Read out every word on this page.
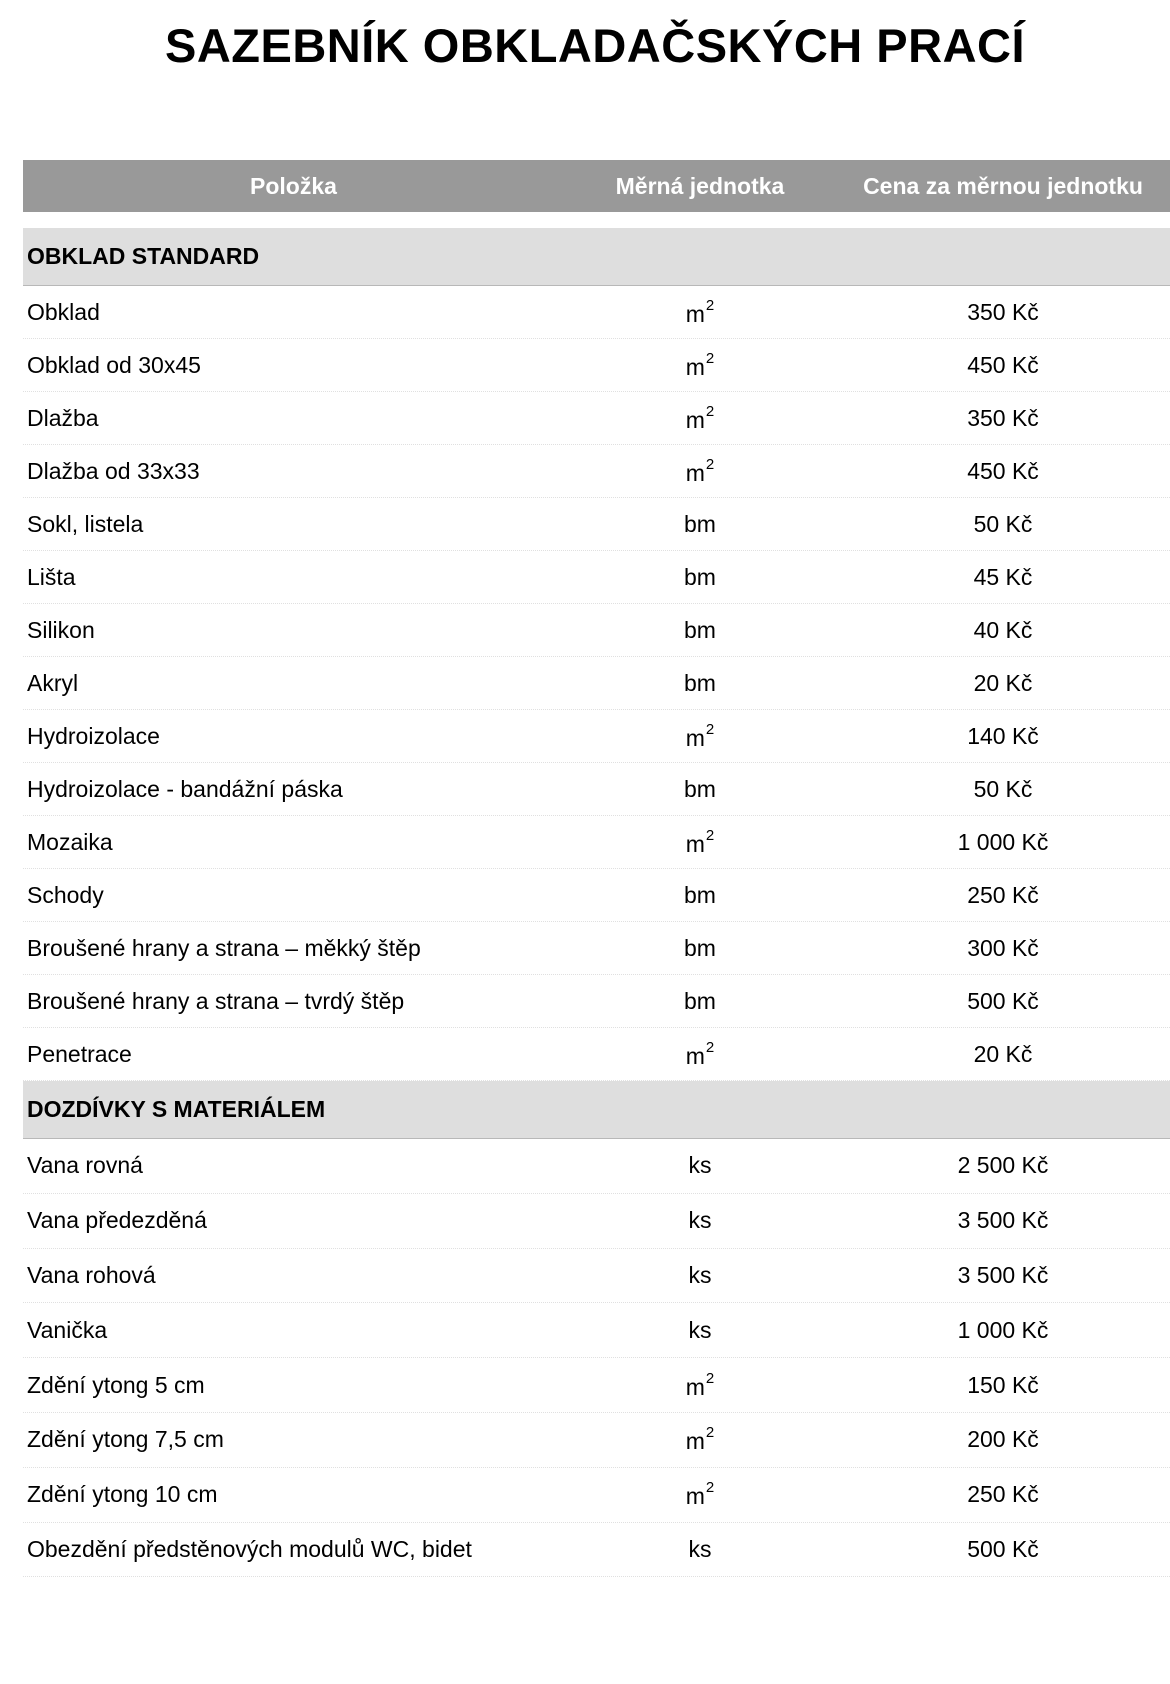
SAZEBNÍK OBKLADAČSKÝCH PRACÍ
Položka	Měrná jednotka	Cena za měrnou jednotku
OBKLAD STANDARD
Obklad	$m^2$	350 Kč
Obklad od 30x45	$m^2$	450 Kč
Dlažba	$m^2$	350 Kč
Dlažba od 33x33	$m^2$	450 Kč
Sokl, listela	bm	50 Kč
Lišta	bm	45 Kč
Silikon	bm	40 Kč
Akryl	bm	20 Kč
Hydroizolace	$m^2$	140 Kč
Hydroizolace - bandážní páska	bm	50 Kč
Mozaika	$m^2$	1 000 Kč
Schody	bm	250 Kč
Broušené hrany a strana – měkký štěp	bm	300 Kč
Broušené hrany a strana – tvrdý štěp	bm	500 Kč
Penetrace	$m^2$	20 Kč
DOZDÍVKY S MATERIÁLEM
Vana rovná	ks	2 500 Kč
Vana předezděná	ks	3 500 Kč
Vana rohová	ks	3 500 Kč
Vanička	ks	1 000 Kč
Zdění ytong 5 cm	$m^2$	150 Kč
Zdění ytong 7,5 cm	$m^2$	200 Kč
Zdění ytong 10 cm	$m^2$	250 Kč
Obezdění předstěnových modulů WC, bidet	ks	500 Kč
